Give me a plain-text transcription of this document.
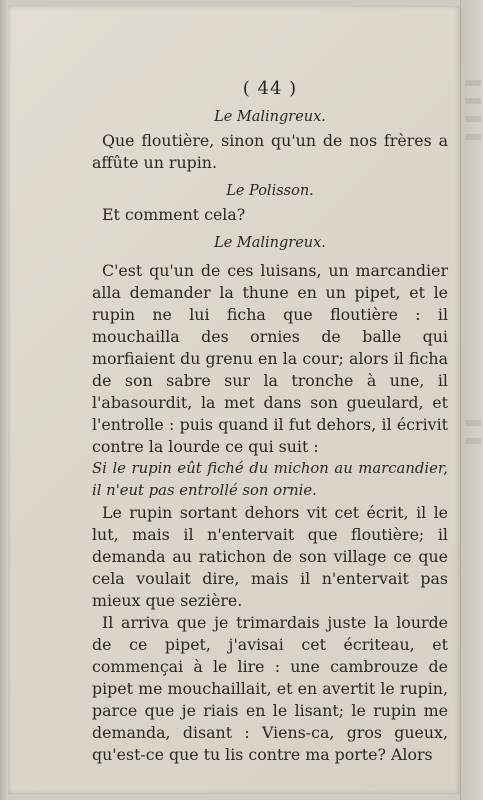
( 44 )
Le Malingreux.

Que floutière, sinon qu'un de nos frères a affûte un rupin.

Le Polisson.

Et comment cela?

Le Malingreux.

C'est qu'un de ces luisans, un marcandier alla demander la thune en un pipet, et le rupin ne lui ficha que floutière : il mouchailla des ornies de balle qui morfiaient du grenu en la cour; alors il ficha de son sabre sur la tronche à une, il l'abasourdit, la met dans son gueulard, et l'entrolle : puis quand il fut dehors, il écrivit contre la lourde ce qui suit :

Si le rupin eût fiché du michon au marcandier, il n'eut pas entrollé son ornie.

Le rupin sortant dehors vit cet écrit, il le lut, mais il n'entervait que floutière; il demanda au ratichon de son village ce que cela voulait dire, mais il n'entervait pas mieux que sezière.

Il arriva que je trimardais juste la lourde de ce pipet, j'avisai cet écriteau, et commençai à le lire : une cambrouze de pipet me mouchaillait, et en avertit le rupin, parce que je riais en le lisant; le rupin me demanda, disant : Viens-ca, gros gueux, qu'est-ce que tu lis contre ma porte? Alors
